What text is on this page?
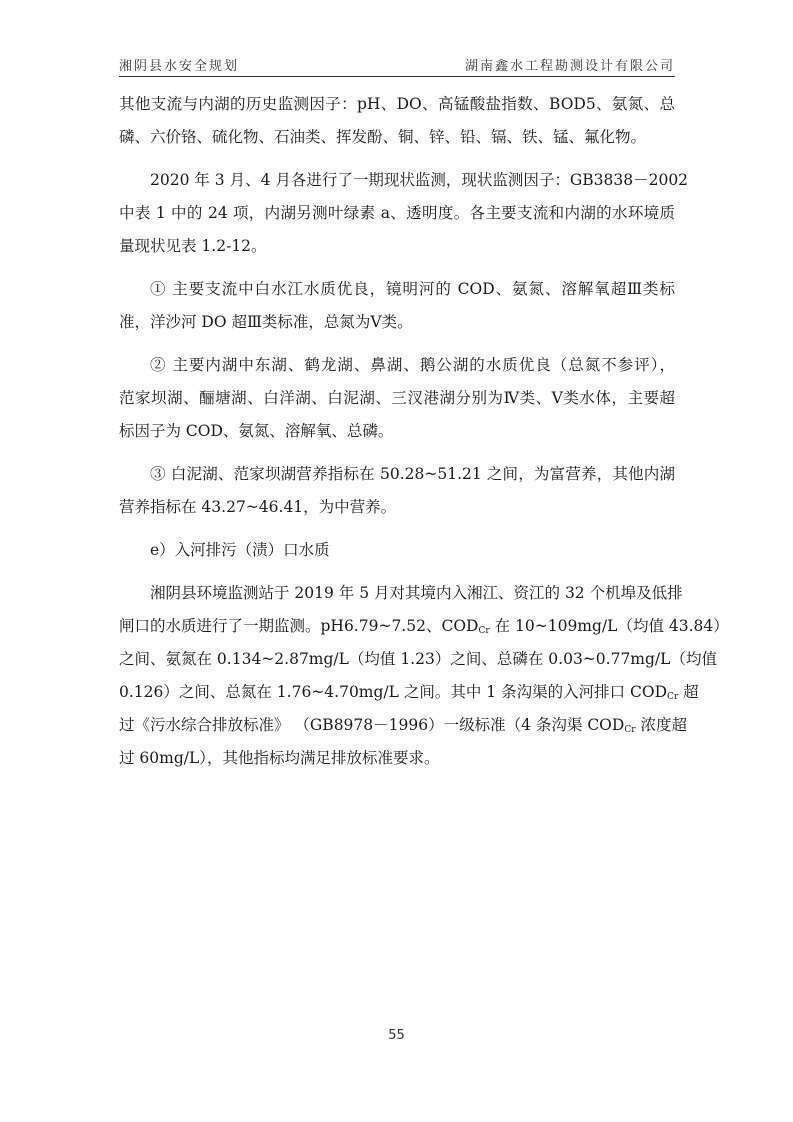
湘阴县水安全规划	湖南鑫水工程勘测设计有限公司
其他支流与内湖的历史监测因子：pH、DO、高锰酸盐指数、BOD5、氨氮、总
磷、六价铬、硫化物、石油类、挥发酚、铜、锌、铅、镉、铁、锰、氟化物。
2020 年 3 月、4 月各进行了一期现状监测，现状监测因子：GB3838－2002
中表 1 中的 24 项，内湖另测叶绿素 a、透明度。各主要支流和内湖的水环境质
量现状见表 1.2-12。
① 主要支流中白水江水质优良，镜明河的 COD、氨氮、溶解氧超Ⅲ类标
准，洋沙河 DO 超Ⅲ类标准，总氮为Ⅴ类。
② 主要内湖中东湖、鹤龙湖、鼻湖、鹅公湖的水质优良（总氮不参评），
范家坝湖、酾塘湖、白洋湖、白泥湖、三汊港湖分别为Ⅳ类、Ⅴ类水体，主要超
标因子为 COD、氨氮、溶解氧、总磷。
③ 白泥湖、范家坝湖营养指标在 50.28~51.21 之间，为富营养，其他内湖
营养指标在 43.27~46.41，为中营养。
e）入河排污（渍）口水质
湘阴县环境监测站于 2019 年 5 月对其境内入湘江、资江的 32 个机埠及低排
闸口的水质进行了一期监测。pH6.79~7.52、$COD_{Cr}$ 在 10~109mg/L（均值 43.84）
之间、氨氮在 0.134~2.87mg/L（均值 1.23）之间、总磷在 0.03~0.77mg/L（均值
0.126）之间、总氮在 1.76~4.70mg/L 之间。其中 1 条沟渠的入河排口 $COD_{Cr}$ 超
过《污水综合排放标准》 （GB8978－1996）一级标准（4 条沟渠 $COD_{Cr}$ 浓度超
过 60mg/L），其他指标均满足排放标准要求。
55
